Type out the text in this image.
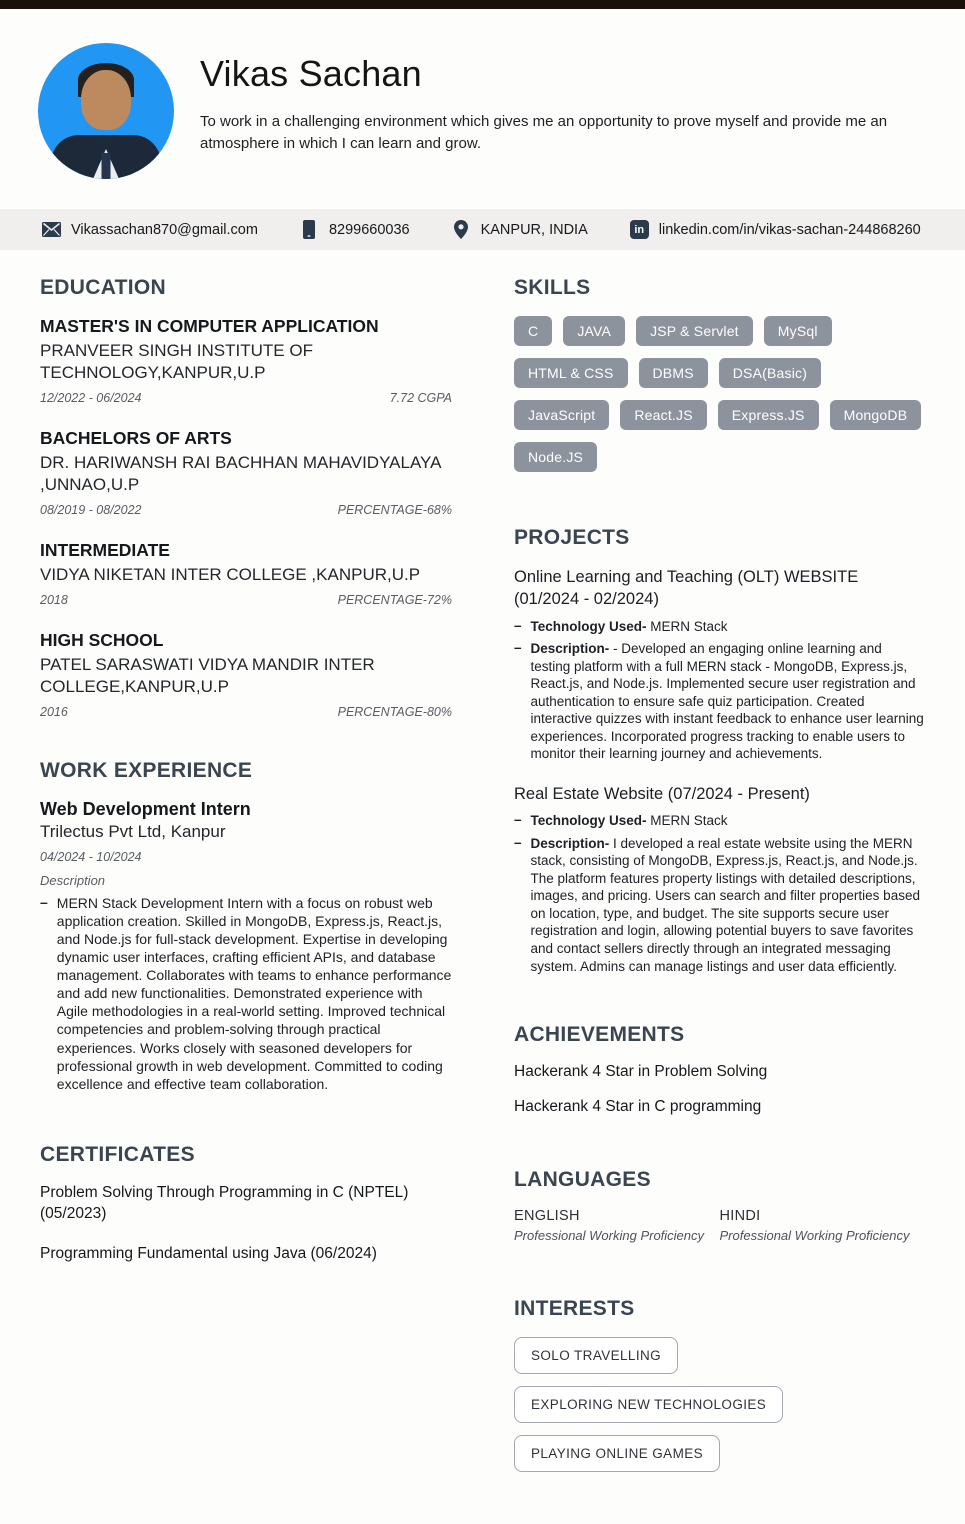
Vikas Sachan

To work in a challenging environment which gives me an opportunity to prove myself and provide me an atmosphere in which I can learn and grow.

Vikassachan870@gmail.com	8299660036	KANPUR, INDIA	in	linkedin.com/in/vikas-sachan-244868260
EDUCATION
MASTER'S IN COMPUTER APPLICATION
PRANVEER SINGH INSTITUTE OF TECHNOLOGY,KANPUR,U.P
12/2022 - 06/2024	7.72 CGPA
BACHELORS OF ARTS
DR. HARIWANSH RAI BACHHAN MAHAVIDYALAYA ,UNNAO,U.P
08/2019 - 08/2022	PERCENTAGE-68%
INTERMEDIATE
VIDYA NIKETAN INTER COLLEGE ,KANPUR,U.P
2018	PERCENTAGE-72%
HIGH SCHOOL
PATEL SARASWATI VIDYA MANDIR INTER COLLEGE,KANPUR,U.P
2016	PERCENTAGE-80%
WORK EXPERIENCE
Web Development Intern
Trilectus Pvt Ltd, Kanpur
04/2024 - 10/2024
Description
– MERN Stack Development Intern with a focus on robust web application creation. Skilled in MongoDB, Express.js, React.js, and Node.js for full-stack development. Expertise in developing dynamic user interfaces, crafting efficient APIs, and database management. Collaborates with teams to enhance performance and add new functionalities. Demonstrated experience with Agile methodologies in a real-world setting. Improved technical competencies and problem-solving through practical experiences. Works closely with seasoned developers for professional growth in web development. Committed to coding excellence and effective team collaboration.
CERTIFICATES
Problem Solving Through Programming in C (NPTEL) (05/2023)
Programming Fundamental using Java (06/2024)
SKILLS
C	JAVA	JSP & Servlet	MySql
HTML & CSS	DBMS	DSA(Basic)
JavaScript	React.JS	Express.JS	MongoDB
Node.JS
PROJECTS
Online Learning and Teaching (OLT) WEBSITE (01/2024 - 02/2024)
– Technology Used- MERN Stack
– Description- - Developed an engaging online learning and testing platform with a full MERN stack - MongoDB, Express.js, React.js, and Node.js. Implemented secure user registration and authentication to ensure safe quiz participation. Created interactive quizzes with instant feedback to enhance user learning experiences. Incorporated progress tracking to enable users to monitor their learning journey and achievements.
Real Estate Website (07/2024 - Present)
– Technology Used- MERN Stack
– Description- I developed a real estate website using the MERN stack, consisting of MongoDB, Express.js, React.js, and Node.js. The platform features property listings with detailed descriptions, images, and pricing. Users can search and filter properties based on location, type, and budget. The site supports secure user registration and login, allowing potential buyers to save favorites and contact sellers directly through an integrated messaging system. Admins can manage listings and user data efficiently.
ACHIEVEMENTS
Hackerank 4 Star in Problem Solving
Hackerank 4 Star in C programming
LANGUAGES
ENGLISH
Professional Working Proficiency
HINDI
Professional Working Proficiency
INTERESTS
SOLO TRAVELLING
EXPLORING NEW TECHNOLOGIES
PLAYING ONLINE GAMES
